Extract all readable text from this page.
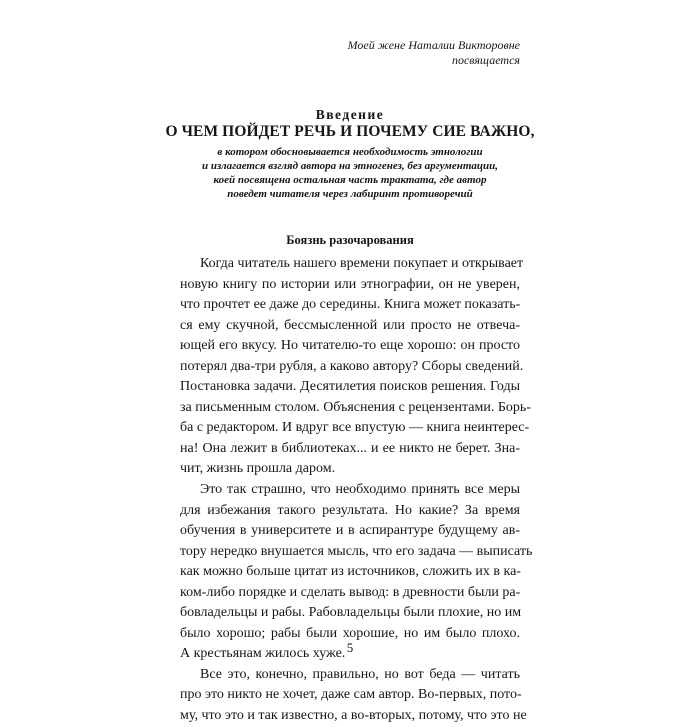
Моей жене Наталии Викторовне
посвящается
Введение
О ЧЕМ ПОЙДЕТ РЕЧЬ И ПОЧЕМУ СИЕ ВАЖНО,
в котором обосновывается необходимость этнологии
и излагается взгляд автора на этногенез, без аргументации,
коей посвящена остальная часть трактата, где автор
поведет читателя через лабиринт противоречий
Боязнь разочарования
Когда читатель нашего времени покупает и открывает
новую книгу по истории или этнографии, он не уверен,
что прочтет ее даже до середины. Книга может показать-
ся ему скучной, бессмысленной или просто не отвеча-
ющей его вкусу. Но читателю-то еще хорошо: он просто
потерял два-три рубля, а каково автору? Сборы сведений.
Постановка задачи. Десятилетия поисков решения. Годы
за письменным столом. Объяснения с рецензентами. Борь-
ба с редактором. И вдруг все впустую — книга неинтерес-
на! Она лежит в библиотеках... и ее никто не берет. Зна-
чит, жизнь прошла даром.
Это так страшно, что необходимо принять все меры
для избежания такого результата. Но какие? За время
обучения в университете и в аспирантуре будущему ав-
тору нередко внушается мысль, что его задача — выписать
как можно больше цитат из источников, сложить их в ка-
ком-либо порядке и сделать вывод: в древности были ра-
бовладельцы и рабы. Рабовладельцы были плохие, но им
было хорошо; рабы были хорошие, но им было плохо.
А крестьянам жилось хуже.
Все это, конечно, правильно, но вот беда — читать
про это никто не хочет, даже сам автор. Во-первых, пото-
му, что это и так известно, а во-вторых, потому, что это не
5
